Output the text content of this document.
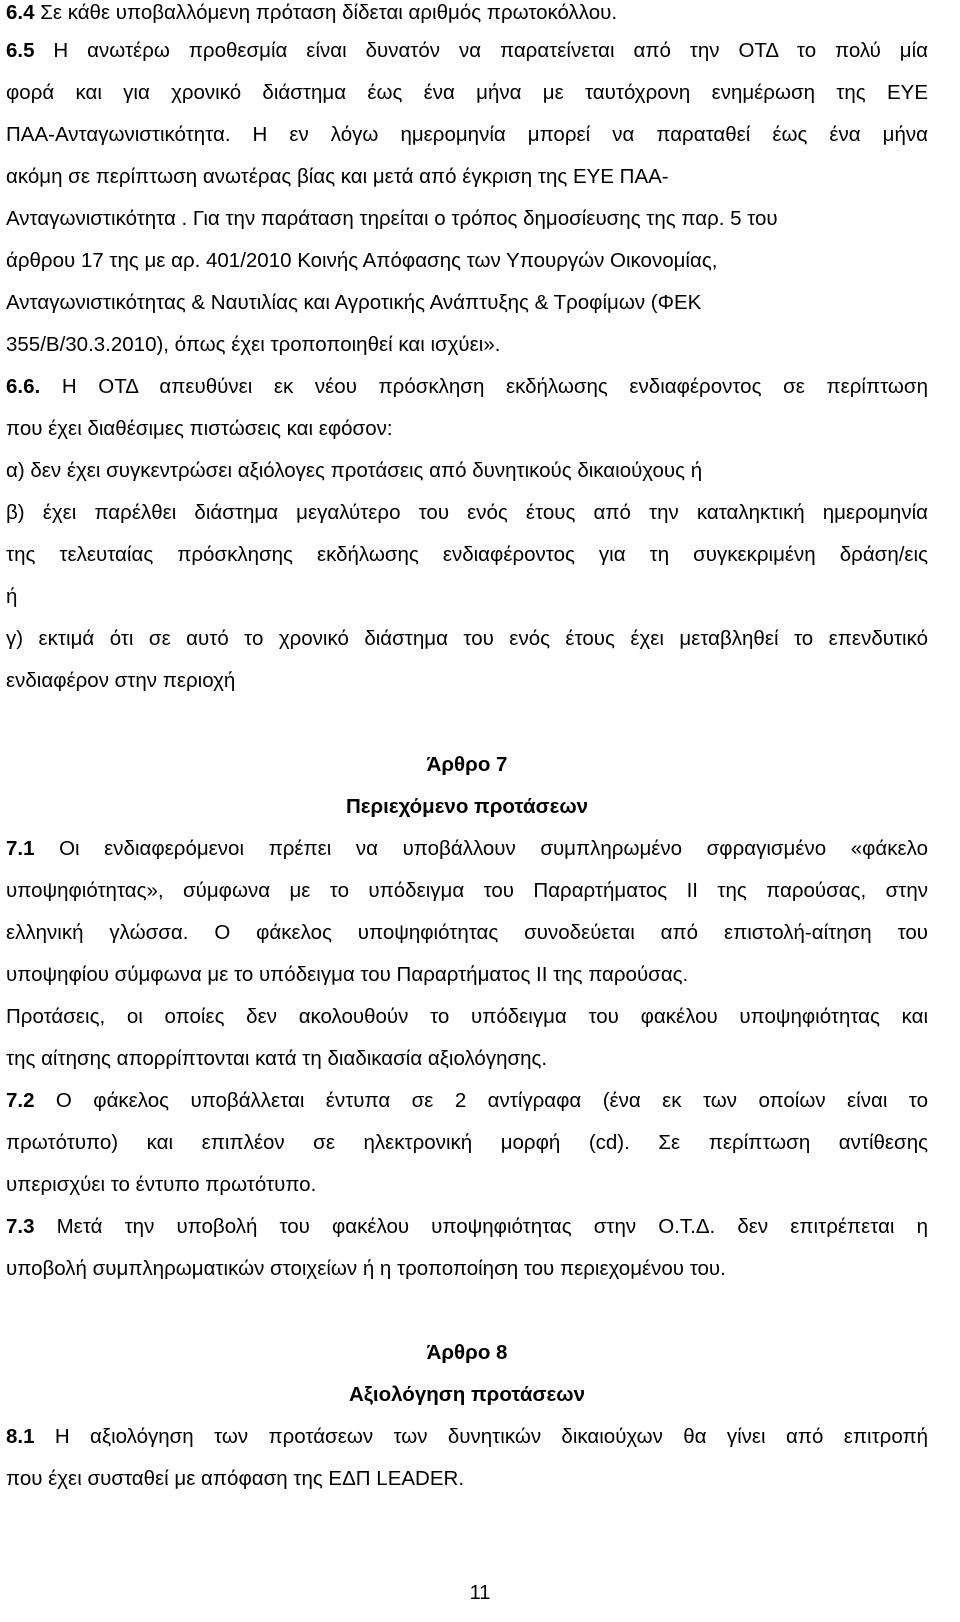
6.4 Σε κάθε υποβαλλόμενη πρόταση δίδεται αριθμός πρωτοκόλλου.
6.5 Η ανωτέρω προθεσμία είναι δυνατόν να παρατείνεται από την ΟΤΔ το πολύ μία
φορά και για χρονικό διάστημα έως ένα μήνα με ταυτόχρονη ενημέρωση της ΕΥΕ
ΠΑΑ-Ανταγωνιστικότητα. Η εν λόγω ημερομηνία μπορεί να παραταθεί έως ένα μήνα
ακόμη σε περίπτωση ανωτέρας βίας και μετά από έγκριση της ΕΥΕ ΠΑΑ-
Ανταγωνιστικότητα . Για την παράταση τηρείται ο τρόπος δημοσίευσης της παρ. 5 του
άρθρου 17 της με αρ. 401/2010 Κοινής Απόφασης των Υπουργών Οικονομίας,
Ανταγωνιστικότητας & Ναυτιλίας και Αγροτικής Ανάπτυξης & Τροφίμων (ΦΕΚ
355/Β/30.3.2010), όπως έχει τροποποιηθεί και ισχύει».
6.6. Η ΟΤΔ απευθύνει εκ νέου πρόσκληση εκδήλωσης ενδιαφέροντος σε περίπτωση
που έχει διαθέσιμες πιστώσεις και εφόσον:
α) δεν έχει συγκεντρώσει αξιόλογες προτάσεις από δυνητικούς δικαιούχους ή
β) έχει παρέλθει διάστημα μεγαλύτερο του ενός έτους από την καταληκτική ημερομηνία
της τελευταίας πρόσκλησης εκδήλωσης ενδιαφέροντος για τη συγκεκριμένη δράση/εις
ή
γ) εκτιμά ότι σε αυτό το χρονικό διάστημα του ενός έτους έχει μεταβληθεί το επενδυτικό
ενδιαφέρον στην περιοχή
Άρθρο 7
Περιεχόμενο προτάσεων
7.1 Οι ενδιαφερόμενοι πρέπει να υποβάλλουν συμπληρωμένο σφραγισμένο «φάκελο
υποψηφιότητας», σύμφωνα με το υπόδειγμα του Παραρτήματος ΙΙ της παρούσας, στην
ελληνική γλώσσα. Ο φάκελος υποψηφιότητας συνοδεύεται από επιστολή-αίτηση του
υποψηφίου σύμφωνα με το υπόδειγμα του Παραρτήματος ΙΙ της παρούσας.
Προτάσεις, οι οποίες δεν ακολουθούν το υπόδειγμα του φακέλου υποψηφιότητας και
της αίτησης απορρίπτονται κατά τη διαδικασία αξιολόγησης.
7.2 Ο φάκελος υποβάλλεται έντυπα σε 2 αντίγραφα (ένα εκ των οποίων είναι το
πρωτότυπο) και επιπλέον σε ηλεκτρονική μορφή (cd). Σε περίπτωση αντίθεσης
υπερισχύει το έντυπο πρωτότυπο.
7.3 Μετά την υποβολή του φακέλου υποψηφιότητας στην Ο.Τ.Δ. δεν επιτρέπεται η
υποβολή συμπληρωματικών στοιχείων ή η τροποποίηση του περιεχομένου του.
Άρθρο 8
Αξιολόγηση προτάσεων
8.1 Η αξιολόγηση των προτάσεων των δυνητικών δικαιούχων θα γίνει από επιτροπή
που έχει συσταθεί με απόφαση της ΕΔΠ LEADER.
11
